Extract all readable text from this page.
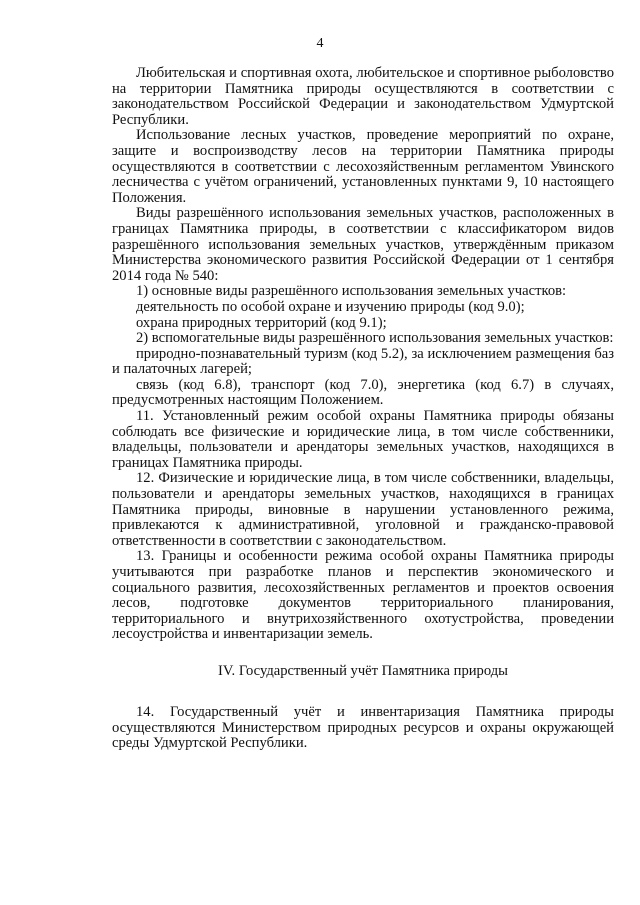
4

Любительская и спортивная охота, любительское и спортивное рыболовство на территории Памятника природы осуществляются в соответствии с законодательством Российской Федерации и законодательством Удмуртской Республики.

Использование лесных участков, проведение мероприятий по охране, защите и воспроизводству лесов на территории Памятника природы осуществляются в соответствии с лесохозяйственным регламентом Увинского лесничества с учётом ограничений, установленных пунктами 9, 10 настоящего Положения.

Виды разрешённого использования земельных участков, расположенных в границах Памятника природы, в соответствии с классификатором видов разрешённого использования земельных участков, утверждённым приказом Министерства экономического развития Российской Федерации от 1 сентября 2014 года № 540:

1) основные виды разрешённого использования земельных участков:

деятельность по особой охране и изучению природы (код 9.0);

охрана природных территорий (код 9.1);

2) вспомогательные виды разрешённого использования земельных участков:

природно-познавательный туризм (код 5.2), за исключением размещения баз и палаточных лагерей;

связь (код 6.8), транспорт (код 7.0), энергетика (код 6.7) в случаях, предусмотренных настоящим Положением.

11. Установленный режим особой охраны Памятника природы обязаны соблюдать все физические и юридические лица, в том числе собственники, владельцы, пользователи и арендаторы земельных участков, находящихся в границах Памятника природы.

12. Физические и юридические лица, в том числе собственники, владельцы, пользователи и арендаторы земельных участков, находящихся в границах Памятника природы, виновные в нарушении установленного режима, привлекаются к административной, уголовной и гражданско-правовой ответственности в соответствии с законодательством.

13. Границы и особенности режима особой охраны Памятника природы учитываются при разработке планов и перспектив экономического и социального развития, лесохозяйственных регламентов и проектов освоения лесов, подготовке документов территориального планирования, территориального и внутрихозяйственного охотустройства, проведении лесоустройства и инвентаризации земель.

IV. Государственный учёт Памятника природы

14. Государственный учёт и инвентаризация Памятника природы осуществляются Министерством природных ресурсов и охраны окружающей среды Удмуртской Республики.
